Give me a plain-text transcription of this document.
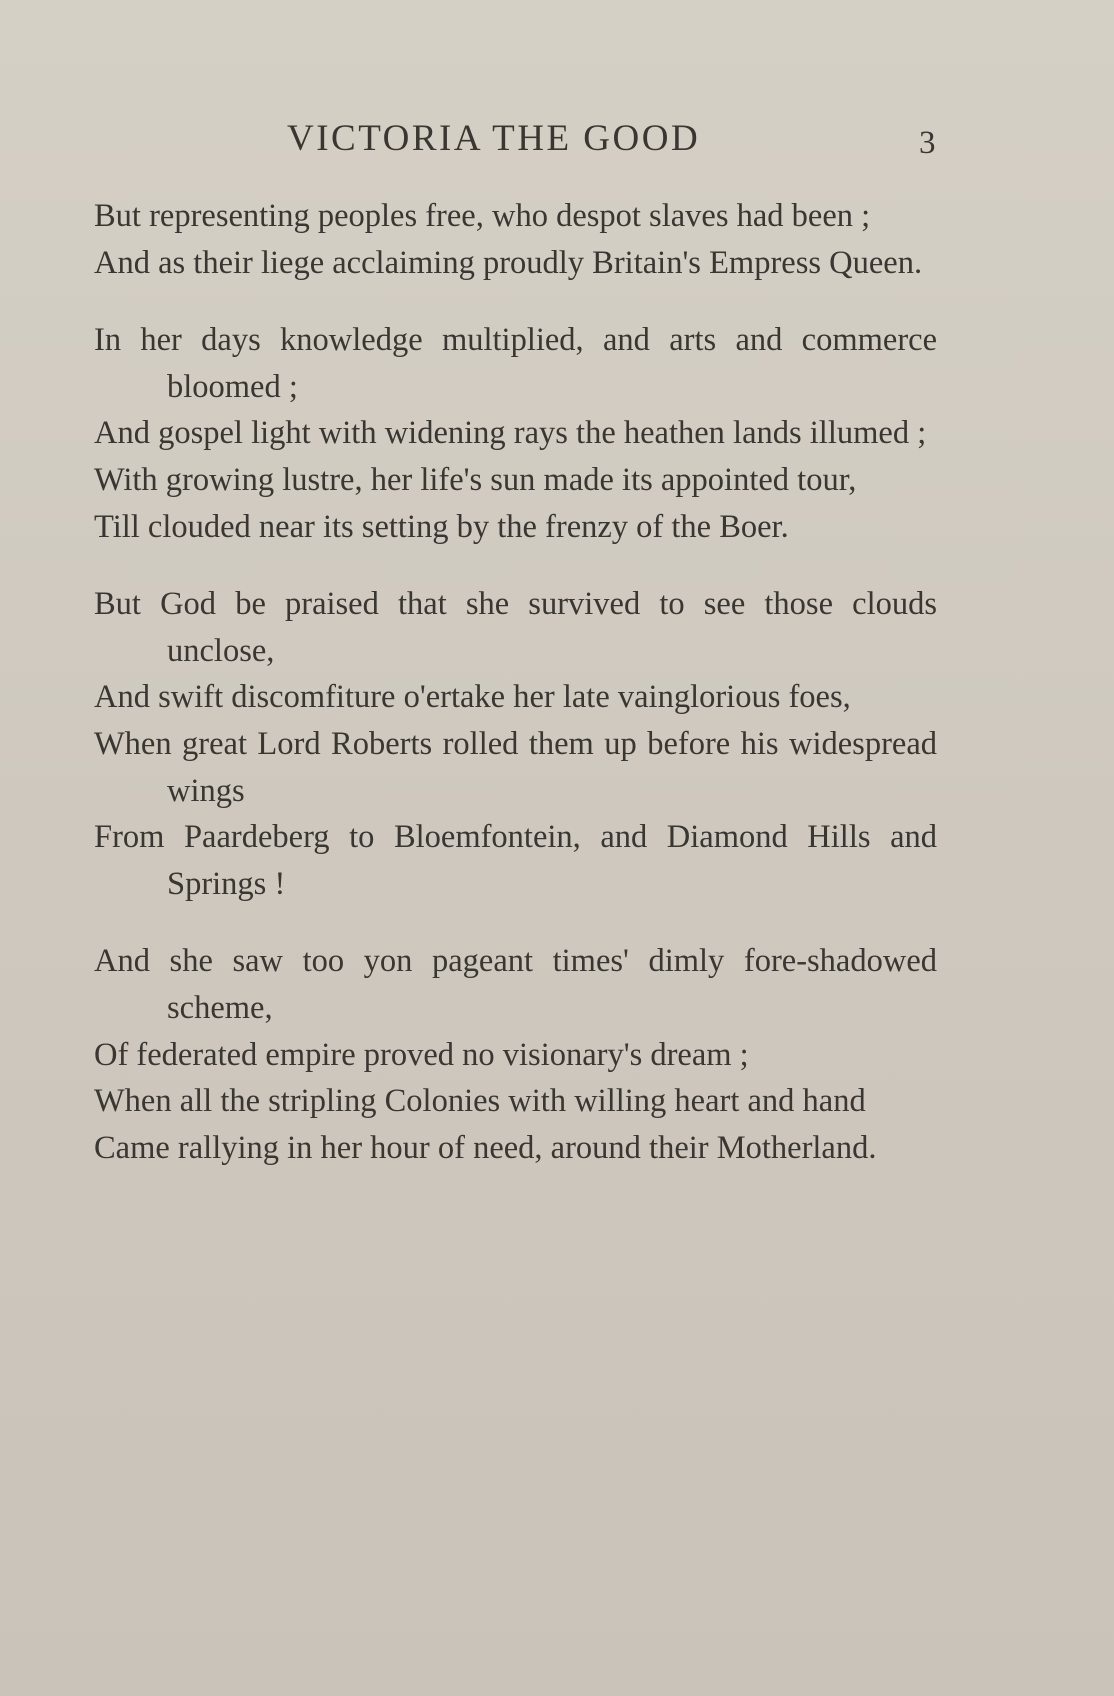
VICTORIA THE GOOD	3
But representing peoples free, who despot slaves had been ;
And as their liege acclaiming proudly Britain's Empress Queen.
In her days knowledge multiplied, and arts and commerce bloomed ;
And gospel light with widening rays the heathen lands illumed ;
With growing lustre, her life's sun made its appointed tour,
Till clouded near its setting by the frenzy of the Boer.
But God be praised that she survived to see those clouds unclose,
And swift discomfiture o'ertake her late vainglorious foes,
When great Lord Roberts rolled them up before his widespread wings
From Paardeberg to Bloemfontein, and Diamond Hills and Springs !
And she saw too yon pageant times' dimly fore-shadowed scheme,
Of federated empire proved no visionary's dream ;
When all the stripling Colonies with willing heart and hand
Came rallying in her hour of need, around their Motherland.
